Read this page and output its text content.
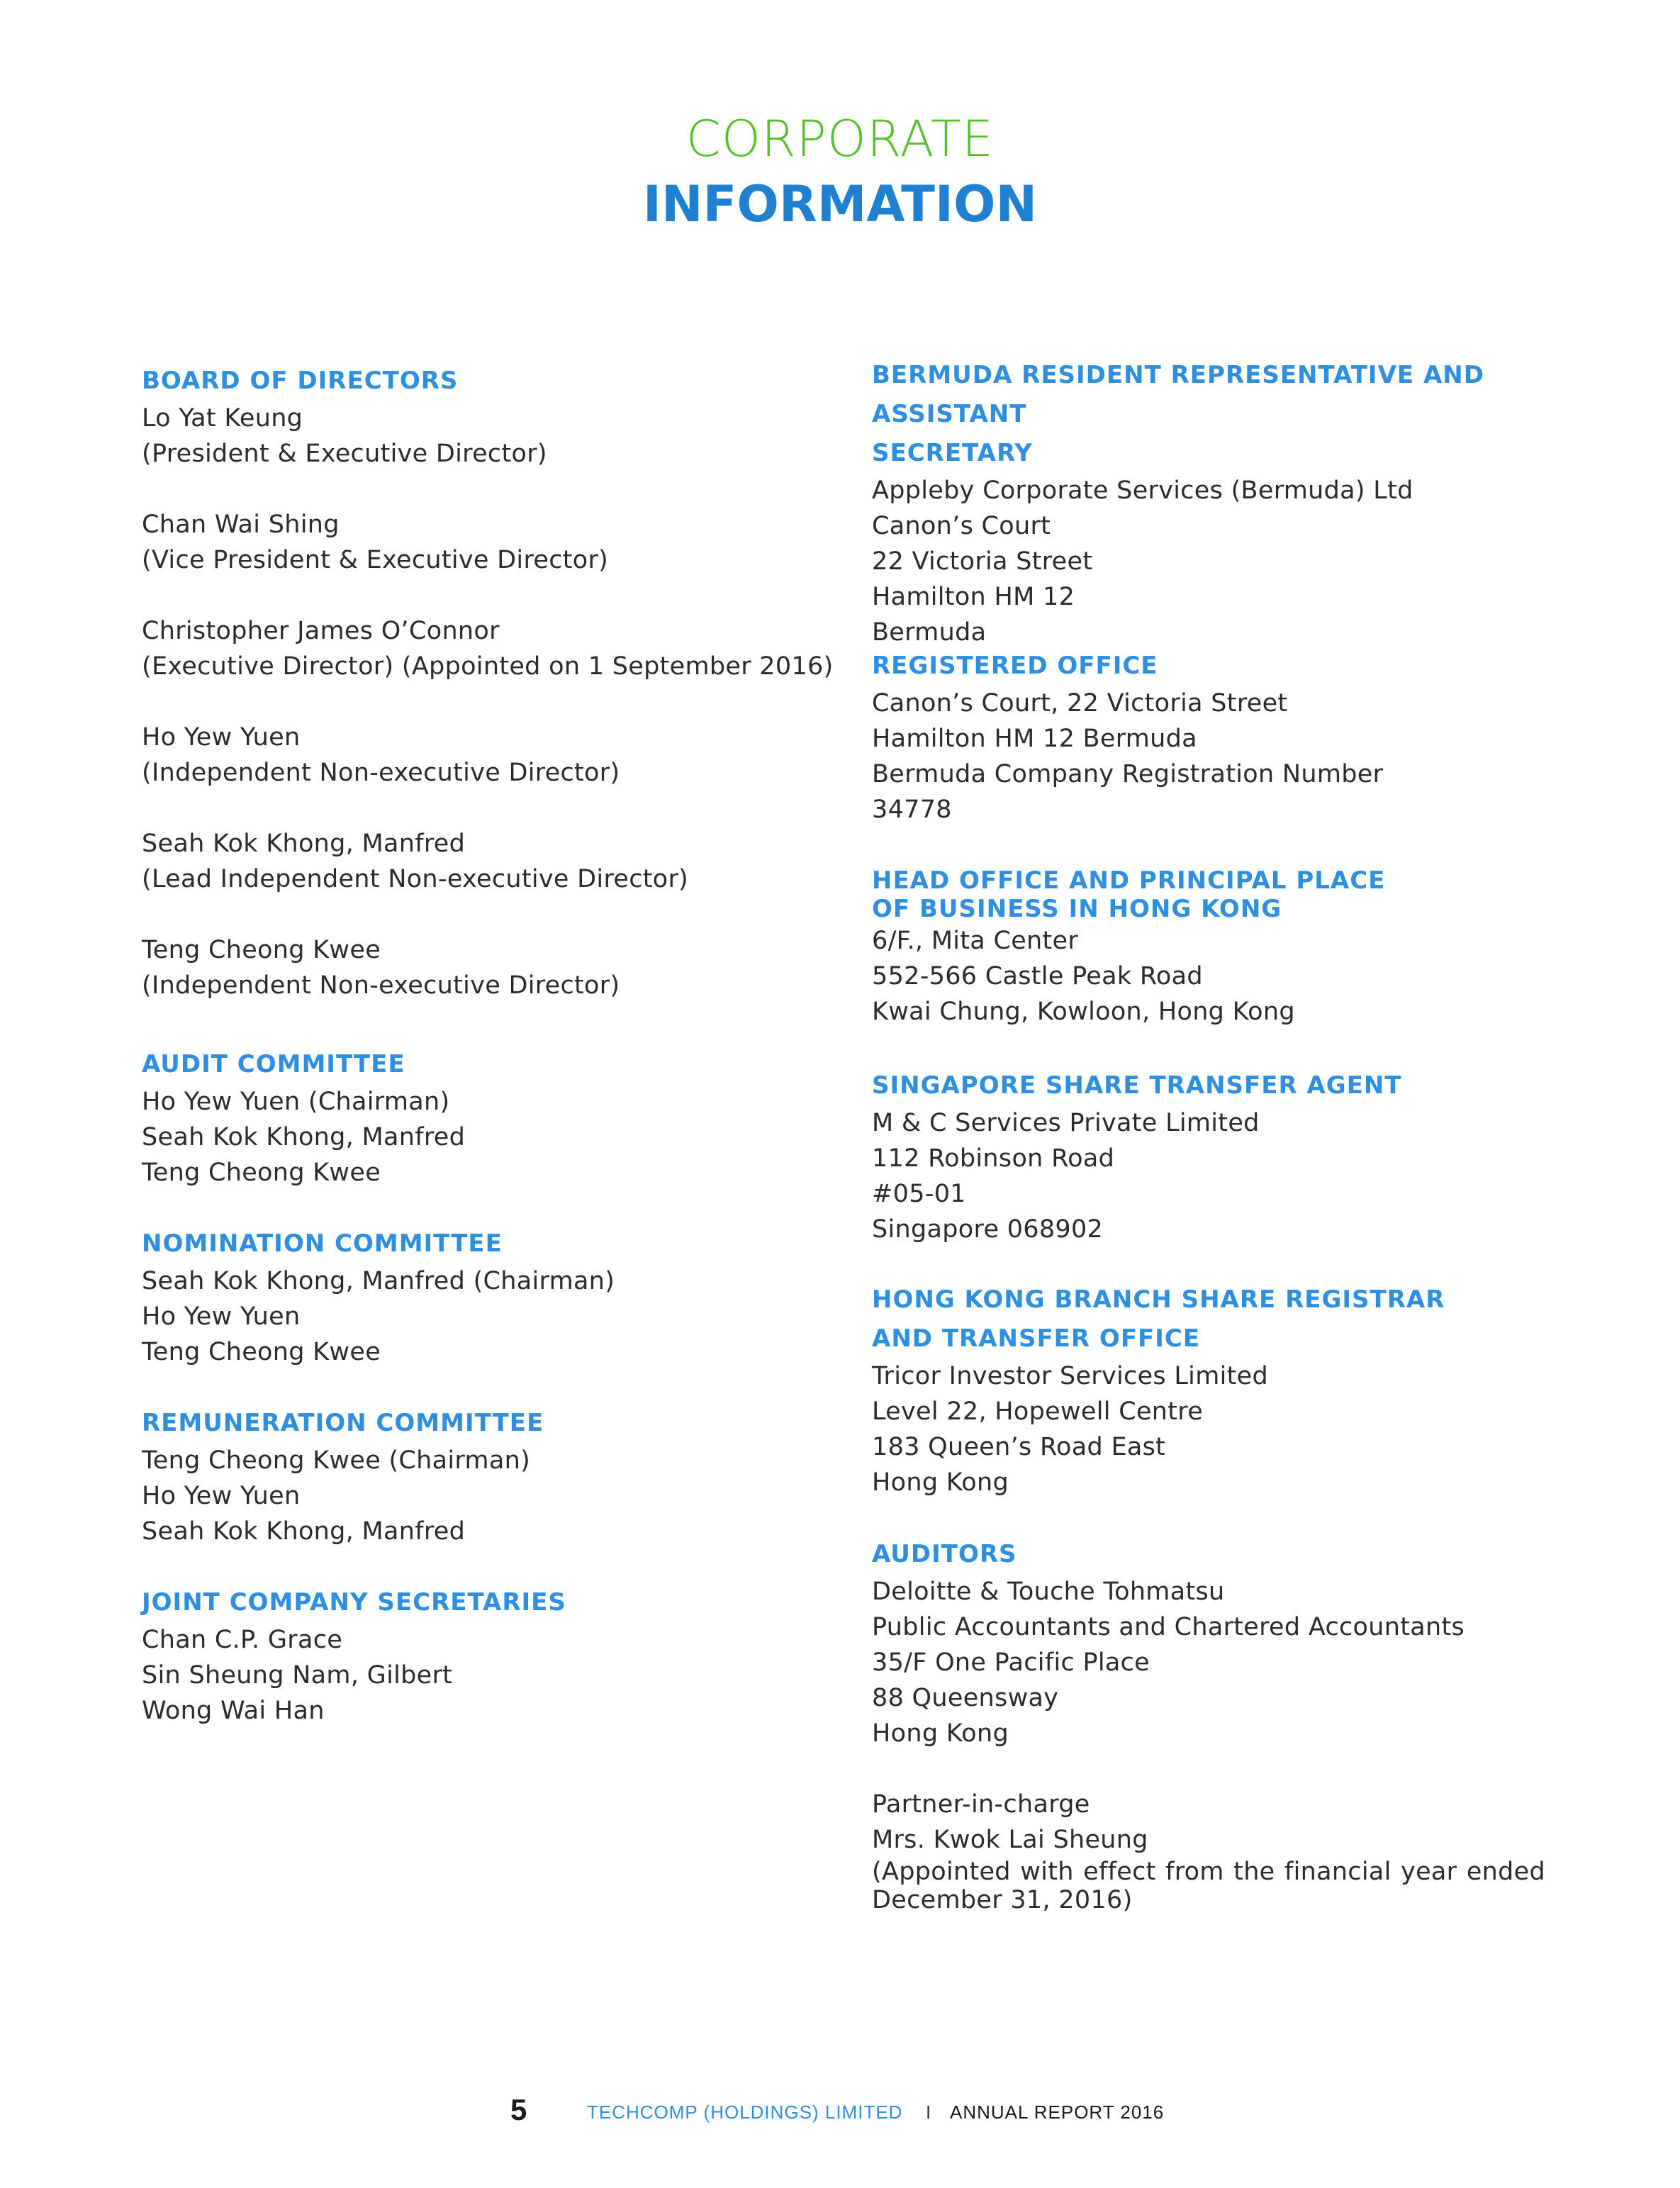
CORPORATE
INFORMATION

BOARD OF DIRECTORS

Lo Yat Keung

(President & Executive Director)

Chan Wai Shing

(Vice President & Executive Director)

Christopher James O’Connor

(Executive Director) (Appointed on 1 September 2016)

Ho Yew Yuen

(Independent Non-executive Director)

Seah Kok Khong, Manfred

(Lead Independent Non-executive Director)

Teng Cheong Kwee

(Independent Non-executive Director)

AUDIT COMMITTEE

Ho Yew Yuen (Chairman)

Seah Kok Khong, Manfred

Teng Cheong Kwee

NOMINATION COMMITTEE

Seah Kok Khong, Manfred (Chairman)

Ho Yew Yuen

Teng Cheong Kwee

REMUNERATION COMMITTEE

Teng Cheong Kwee (Chairman)

Ho Yew Yuen

Seah Kok Khong, Manfred

JOINT COMPANY SECRETARIES

Chan C.P. Grace

Sin Sheung Nam, Gilbert

Wong Wai Han

BERMUDA RESIDENT REPRESENTATIVE AND ASSISTANT

SECRETARY

Appleby Corporate Services (Bermuda) Ltd

Canon’s Court

22 Victoria Street

Hamilton HM 12

Bermuda

REGISTERED OFFICE

Canon’s Court, 22 Victoria Street

Hamilton HM 12 Bermuda

Bermuda Company Registration Number

34778

HEAD OFFICE AND PRINCIPAL PLACE

OF BUSINESS IN HONG KONG

6/F., Mita Center

552-566 Castle Peak Road

Kwai Chung, Kowloon, Hong Kong

SINGAPORE SHARE TRANSFER AGENT

M & C Services Private Limited

112 Robinson Road

#05-01

Singapore 068902

HONG KONG BRANCH SHARE REGISTRAR

AND TRANSFER OFFICE

Tricor Investor Services Limited

Level 22, Hopewell Centre

183 Queen’s Road East

Hong Kong

AUDITORS

Deloitte & Touche Tohmatsu

Public Accountants and Chartered Accountants

35/F One Pacific Place

88 Queensway

Hong Kong

Partner-in-charge

Mrs. Kwok Lai Sheung

(Appointed with effect from the financial year ended December 31, 2016)

5	TECHCOMP (HOLDINGS) LIMITED I ANNUAL REPORT 2016
